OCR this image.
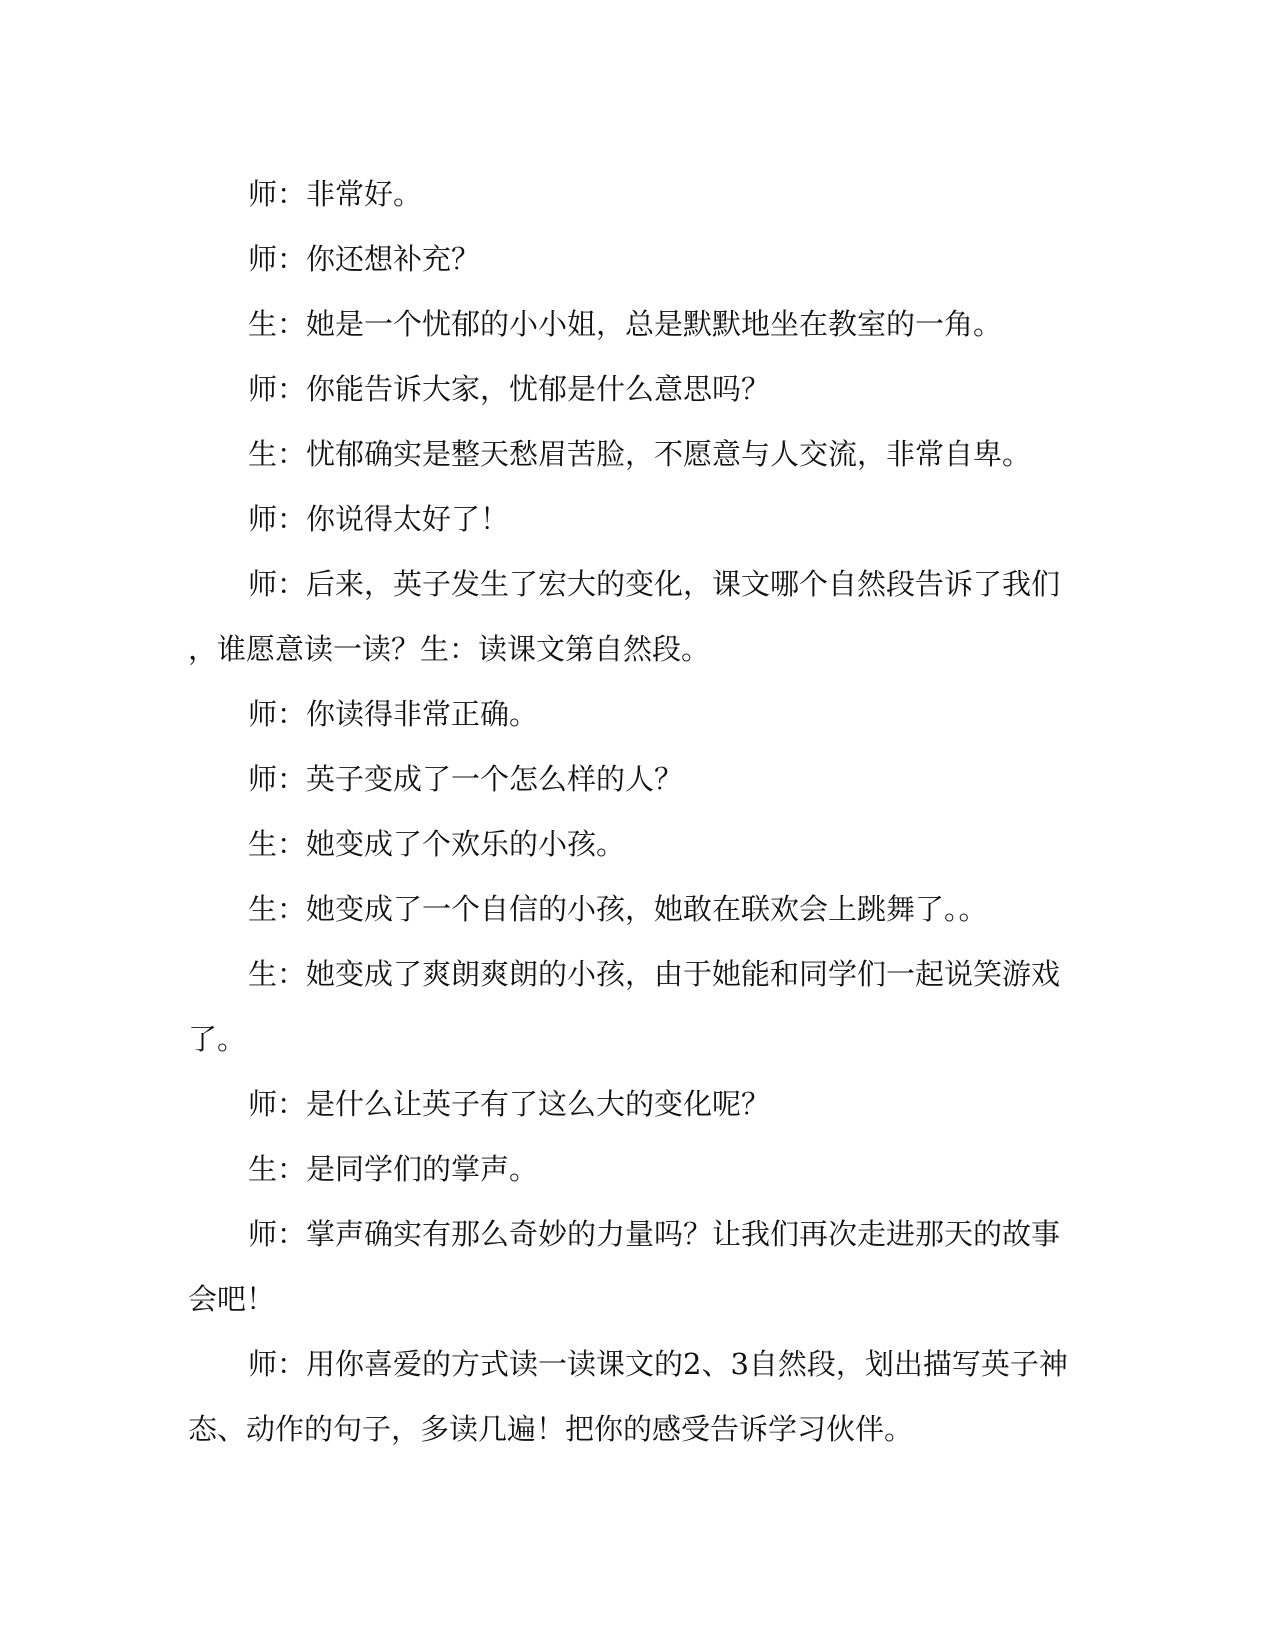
师：非常好。

师：你还想补充？

生：她是一个忧郁的小小姐，总是默默地坐在教室的一角。

师：你能告诉大家，忧郁是什么意思吗？

生：忧郁确实是整天愁眉苦脸，不愿意与人交流，非常自卑。

师：你说得太好了！

师：后来，英子发生了宏大的变化，课文哪个自然段告诉了我们

，谁愿意读一读？生：读课文第自然段。

师：你读得非常正确。

师：英子变成了一个怎么样的人？

生：她变成了个欢乐的小孩。

生：她变成了一个自信的小孩，她敢在联欢会上跳舞了。。

生：她变成了爽朗爽朗的小孩，由于她能和同学们一起说笑游戏

了。

师：是什么让英子有了这么大的变化呢？

生：是同学们的掌声。

师：掌声确实有那么奇妙的力量吗？让我们再次走进那天的故事

会吧！

师：用你喜爱的方式读一读课文的2、3自然段，划出描写英子神

态、动作的句子，多读几遍！把你的感受告诉学习伙伴。
